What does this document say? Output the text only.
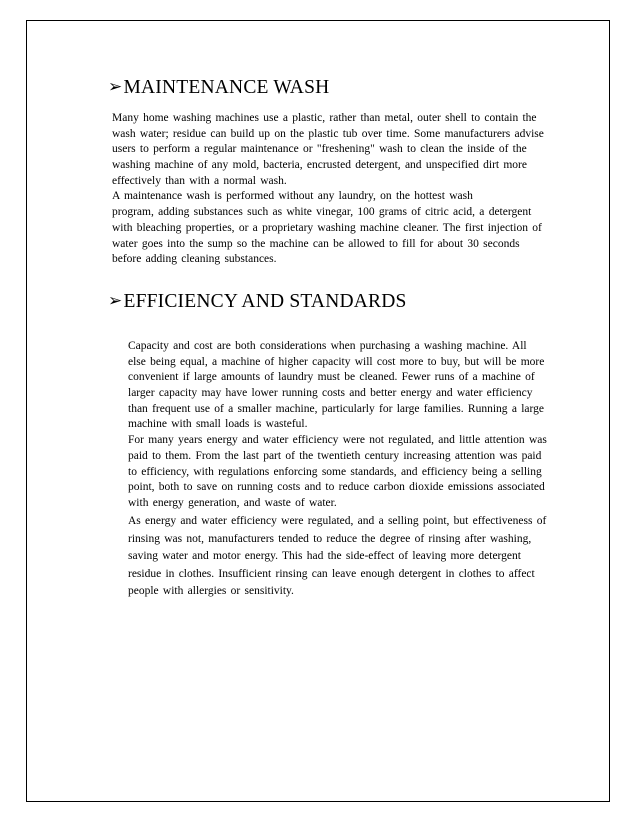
➢MAINTENANCE WASH
Many home washing machines use a plastic, rather than metal, outer shell to contain the
wash water; residue can build up on the plastic tub over time. Some manufacturers advise
users to perform a regular maintenance or "freshening" wash to clean the inside of the
washing machine of any mold, bacteria, encrusted detergent, and unspecified dirt more
effectively than with a normal wash.
A maintenance wash is performed without any laundry, on the hottest wash
program, adding substances such as white vinegar, 100 grams of citric acid, a detergent
with bleaching properties, or a proprietary washing machine cleaner. The first injection of
water goes into the sump so the machine can be allowed to fill for about 30 seconds
before adding cleaning substances.
➢EFFICIENCY AND STANDARDS
Capacity and cost are both considerations when purchasing a washing machine. All
else being equal, a machine of higher capacity will cost more to buy, but will be more
convenient if large amounts of laundry must be cleaned. Fewer runs of a machine of
larger capacity may have lower running costs and better energy and water efficiency
than frequent use of a smaller machine, particularly for large families. Running a large
machine with small loads is wasteful.
For many years energy and water efficiency were not regulated, and little attention was
paid to them. From the last part of the twentieth century increasing attention was paid
to efficiency, with regulations enforcing some standards, and efficiency being a selling
point, both to save on running costs and to reduce carbon dioxide emissions associated
with energy generation, and waste of water.
As energy and water efficiency were regulated, and a selling point, but effectiveness of
rinsing was not, manufacturers tended to reduce the degree of rinsing after washing,
saving water and motor energy. This had the side-effect of leaving more detergent
residue in clothes. Insufficient rinsing can leave enough detergent in clothes to affect
people with allergies or sensitivity.
